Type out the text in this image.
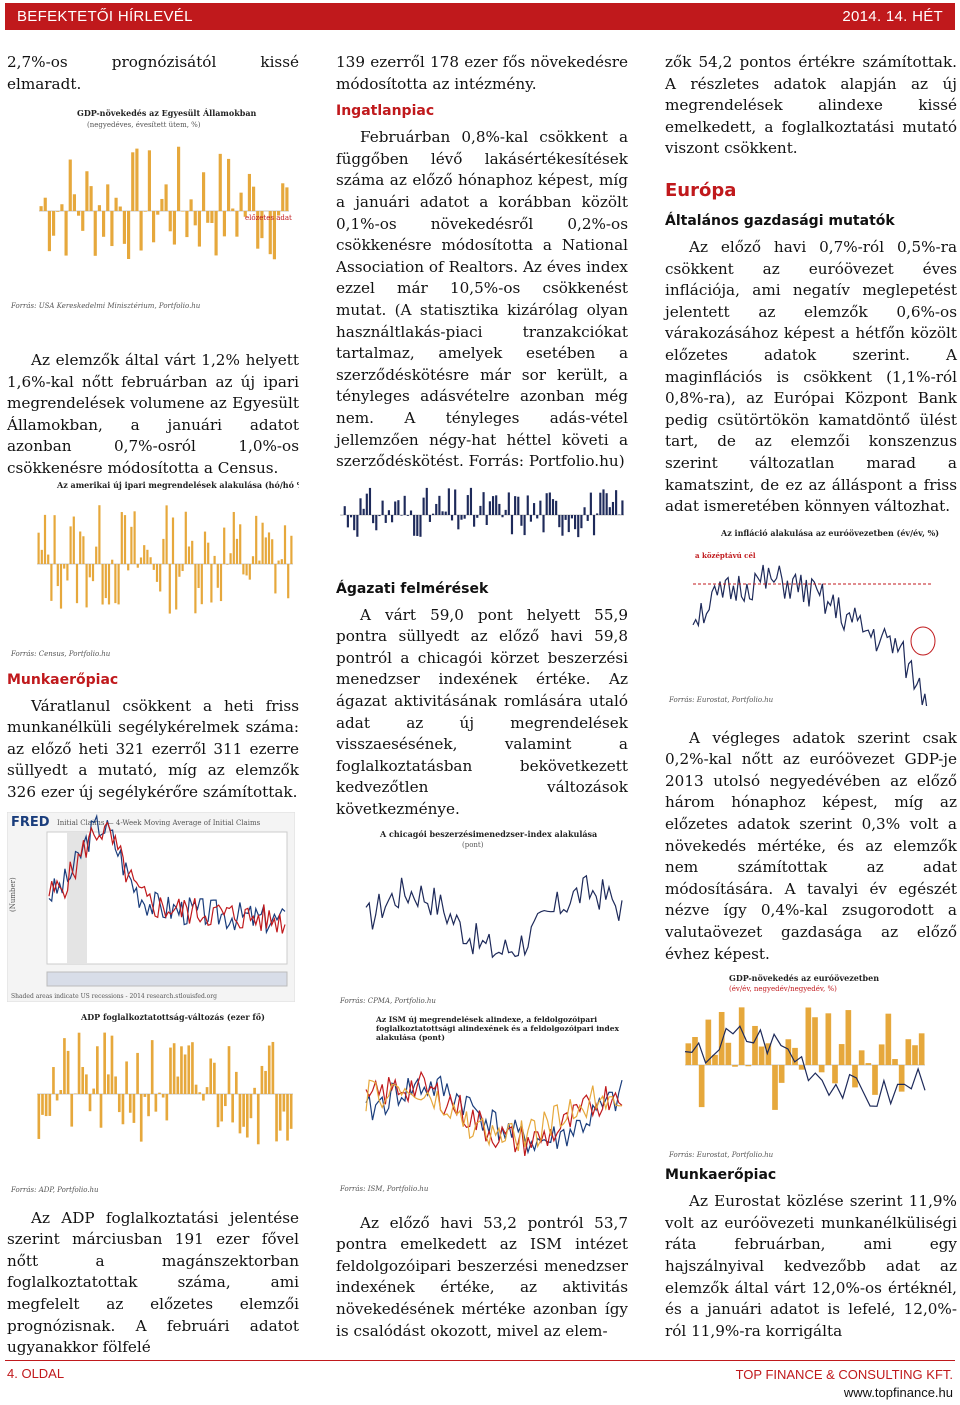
BEFEKTETŐI HÍRLEVÉL	2014. 14. HÉT

2,7%-os prognózisától kissé elmaradt.

GDP-növekedés az Egyesült Államokban
(negyedéves, évesített ütem, %)
előzetes adat
Forrás: USA Kereskedelmi Minisztérium, Portfolio.hu

Az elemzők által várt 1,2% helyett 1,6%-kal nőtt februárban az új ipari megrendelések volumene az Egyesült Államokban, a januári adatot azonban 0,7%-osról 1,0%-os csökkenésre módosította a Census.

Az amerikai új ipari megrendelések alakulása (hó/hó %)
Forrás: Census, Portfolio.hu

Munkaerőpiac

Váratlanul csökkent a heti friss munkanélküli segélykérelmek száma: az előző heti 321 ezerről 311 ezerre süllyedt a mutató, míg az elemzők 326 ezer új segélykérőre számítottak.

FRED Initial Claims — 4-Week Moving Average of Initial Claims
(Number)
Shaded areas indicate US recessions - 2014 research.stlouisfed.org
ADP foglalkoztatottság-változás (ezer fő)
Forrás: ADP, Portfolio.hu

Az ADP foglalkoztatási jelentése szerint márciusban 191 ezer fővel nőtt a magánszektorban foglalkoztatottak száma, ami megfelelt az előzetes elemzői prognózisnak. A februári adatot ugyanakkor fölfelé

139 ezerről 178 ezer fős növekedésre módosította az intézmény.

Ingatlanpiac

Februárban 0,8%-kal csökkent a függőben lévő lakásértékesítések száma az előző hónaphoz képest, míg a januári adatot a korábban közölt 0,1%-os növekedésről 0,2%-os csökkenésre módosította a National Association of Realtors. Az éves index ezzel már 10,5%-os csökkenést mutat. (A statisztika kizárólag olyan használtlakás-piaci tranzakciókat tartalmaz, amelyek esetében a szerződéskötésre már sor került, a tényleges adásvételre azonban még nem. A tényleges adás-vétel jellemzően négy-hat héttel követi a szerződéskötést. Forrás: Portfolio.hu)

Ágazati felmérések

A várt 59,0 pont helyett 55,9 pontra süllyedt az előző havi 59,8 pontról a chicagói körzet beszerzési menedzser indexének értéke. Az ágazat aktivitásának romlására utaló adat az új megrendelések visszaesésének, valamint a foglalkoztatásban bekövetkezett kedvezőtlen változások következménye.

A chicagói beszerzésimenedzser-index alakulása
(pont)
Forrás: CPMA, Portfolio.hu
Az ISM új megrendelések alindexe, a feldolgozóipari foglalkoztatottsági alindexének és a feldolgozóipari index alakulása (pont)
Forrás: ISM, Portfolio.hu

Az előző havi 53,2 pontról 53,7 pontra emelkedett az ISM intézet feldolgozóipari beszerzési menedzser indexének értéke, az aktivitás növekedésének mértéke azonban így is csalódást okozott, mivel az elem-

zők 54,2 pontos értékre számítottak. A részletes adatok alapján az új megrendelések alindexe kissé emelkedett, a foglalkoztatási mutató viszont csökkent.

Európa

Általános gazdasági mutatók

Az előző havi 0,7%-ról 0,5%-ra csökkent az euróövezet éves inflációja, ami negatív meglepetést jelentett az elemzők 0,6%-os várakozásához képest a hétfőn közölt előzetes adatok szerint. A maginflációs is csökkent (1,1%-ról 0,8%-ra), az Európai Központ Bank pedig csütörtökön kamatdöntő ülést tart, de az elemzői konszenzus szerint változatlan marad a kamatszint, de ez az álláspont a friss adat ismeretében könnyen változhat.

Az infláció alakulása az euróövezetben (év/év, %)
a középtávú cél
Forrás: Eurostat, Portfolio.hu

A végleges adatok szerint csak 0,2%-kal nőtt az euróövezet GDP-je 2013 utolsó negyedévében az előző három hónaphoz képest, míg az előzetes adatok szerint 0,3% volt a növekedés mértéke, és az elemzők nem számítottak az adat módosítására. A tavalyi év egészét nézve így 0,4%-kal zsugorodott a valutaövezet gazdasága az előző évhez képest.

GDP-növekedés az euróövezetben
(év/év, negyedév/negyedév, %)
Forrás: Eurostat, Portfolio.hu

Munkaerőpiac

Az Eurostat közlése szerint 11,9% volt az euróövezeti munkanélküliségi ráta februárban, ami egy hajszálnyival kedvezőbb adat az elemzők által várt 12,0%-os értéknél, és a januári adatot is lefelé, 12,0%-ról 11,9%-ra korrigálta

4. OLDAL	TOP FINANCE & CONSULTING KFT.
www.topfinance.hu
